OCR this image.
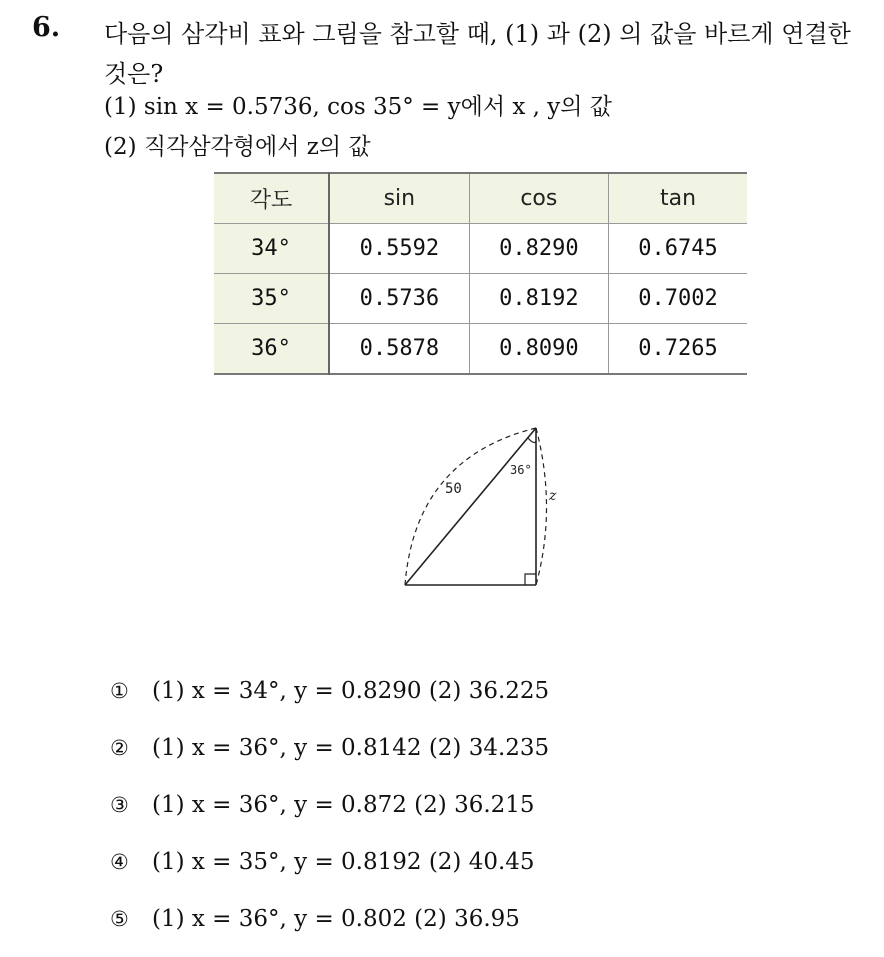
6. 다음의 삼각비 표와 그림을 참고할 때, (1) 과 (2) 의 값을 바르게 연결한 것은?
(1) sin x = 0.5736, cos 35° = y에서 x , y의 값
(2) 직각삼각형에서 z의 값
각도	sin	cos	tan
34°	0.5592	0.8290	0.6745
35°	0.5736	0.8192	0.7002
36°	0.5878	0.8090	0.7265
50
36°
z
① (1) x = 34°, y = 0.8290 (2) 36.225
② (1) x = 36°, y = 0.8142 (2) 34.235
③ (1) x = 36°, y = 0.872 (2) 36.215
④ (1) x = 35°, y = 0.8192 (2) 40.45
⑤ (1) x = 36°, y = 0.802 (2) 36.95
